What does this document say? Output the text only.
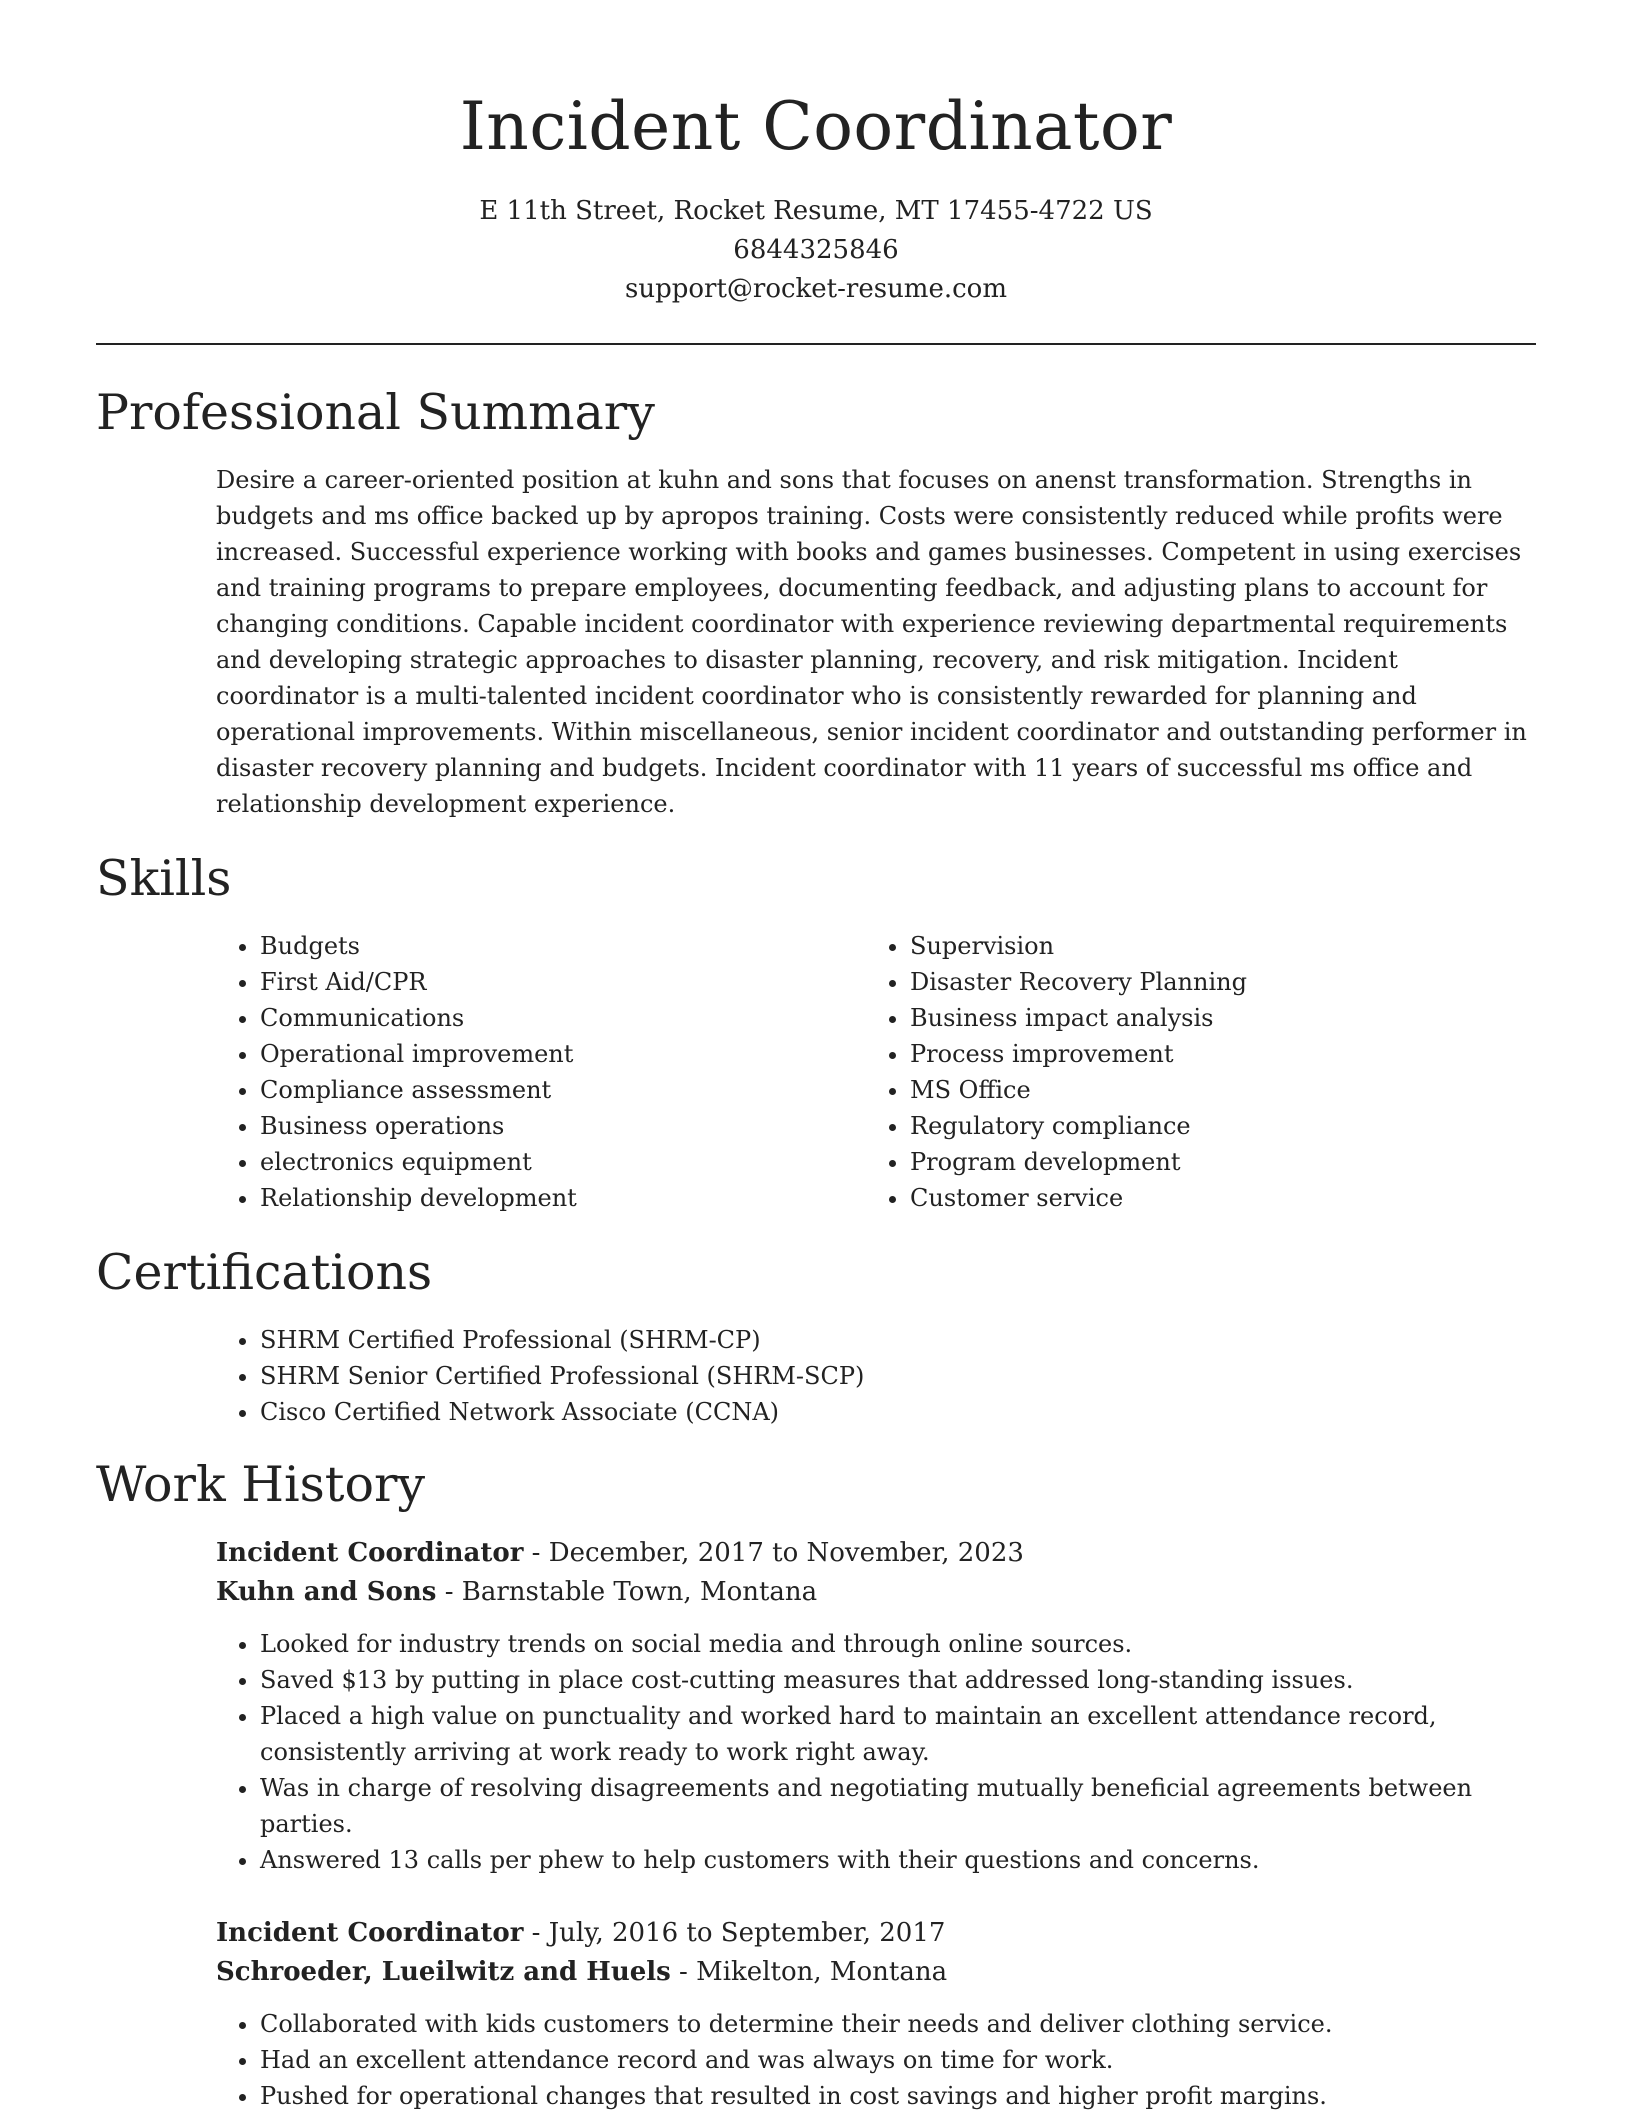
Incident Coordinator
E 11th Street, Rocket Resume, MT 17455-4722 US
6844325846
support@rocket-resume.com
Professional Summary

Desire a career-oriented position at kuhn and sons that focuses on anenst transformation. Strengths in budgets and ms office backed up by apropos training. Costs were consistently reduced while profits were increased. Successful experience working with books and games businesses. Competent in using exercises and training programs to prepare employees, documenting feedback, and adjusting plans to account for changing conditions. Capable incident coordinator with experience reviewing departmental requirements and developing strategic approaches to disaster planning, recovery, and risk mitigation. Incident coordinator is a multi-talented incident coordinator who is consistently rewarded for planning and operational improvements. Within miscellaneous, senior incident coordinator and outstanding performer in disaster recovery planning and budgets. Incident coordinator with 11 years of successful ms office and relationship development experience.

Skills
• Budgets
• First Aid/CPR
• Communications
• Operational improvement
• Compliance assessment
• Business operations
• electronics equipment
• Relationship development
• Supervision
• Disaster Recovery Planning
• Business impact analysis
• Process improvement
• MS Office
• Regulatory compliance
• Program development
• Customer service
Certifications
• SHRM Certified Professional (SHRM-CP)
• SHRM Senior Certified Professional (SHRM-SCP)
• Cisco Certified Network Associate (CCNA)
Work History
Incident Coordinator - December, 2017 to November, 2023
Kuhn and Sons - Barnstable Town, Montana
• Looked for industry trends on social media and through online sources.
• Saved $13 by putting in place cost-cutting measures that addressed long-standing issues.
• Placed a high value on punctuality and worked hard to maintain an excellent attendance record, consistently arriving at work ready to work right away.
• Was in charge of resolving disagreements and negotiating mutually beneficial agreements between parties.
• Answered 13 calls per phew to help customers with their questions and concerns.
Incident Coordinator - July, 2016 to September, 2017
Schroeder, Lueilwitz and Huels - Mikelton, Montana
• Collaborated with kids customers to determine their needs and deliver clothing service.
• Had an excellent attendance record and was always on time for work.
• Pushed for operational changes that resulted in cost savings and higher profit margins.
